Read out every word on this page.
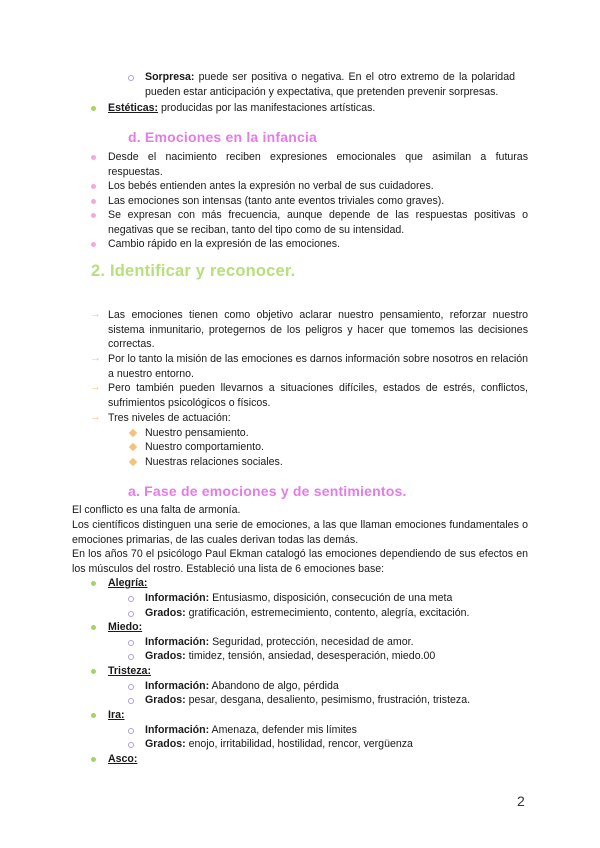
Sorpresa: puede ser positiva o negativa. En el otro extremo de la polaridad pueden estar anticipación y expectativa, que pretenden prevenir sorpresas.
Estéticas: producidas por las manifestaciones artísticas.
d. Emociones en la infancia
Desde el nacimiento reciben expresiones emocionales que asimilan a futuras respuestas.
Los bebés entienden antes la expresión no verbal de sus cuidadores.
Las emociones son intensas (tanto ante eventos triviales como graves).
Se expresan con más frecuencia, aunque depende de las respuestas positivas o negativas que se reciban, tanto del tipo como de su intensidad.
Cambio rápido en la expresión de las emociones.
2. Identificar y reconocer.
→ Las emociones tienen como objetivo aclarar nuestro pensamiento, reforzar nuestro sistema inmunitario, protegernos de los peligros y hacer que tomemos las decisiones correctas.
→ Por lo tanto la misión de las emociones es darnos información sobre nosotros en relación a nuestro entorno.
→ Pero también pueden llevarnos a situaciones difíciles, estados de estrés, conflictos, sufrimientos psicológicos o físicos.
→ Tres niveles de actuación:
Nuestro pensamiento.
Nuestro comportamiento.
Nuestras relaciones sociales.
a. Fase de emociones y de sentimientos.
El conflicto es una falta de armonía.
Los científicos distinguen una serie de emociones, a las que llaman emociones fundamentales o emociones primarias, de las cuales derivan todas las demás.
En los años 70 el psicólogo Paul Ekman catalogó las emociones dependiendo de sus efectos en los músculos del rostro. Estableció una lista de 6 emociones base:
Alegría:
Información: Entusiasmo, disposición, consecución de una meta
Grados: gratificación, estremecimiento, contento, alegría, excitación.
Miedo:
Información: Seguridad, protección, necesidad de amor.
Grados: timidez, tensión, ansiedad, desesperación, miedo.00
Tristeza:
Información: Abandono de algo, pérdida
Grados: pesar, desgana, desaliento, pesimismo, frustración, tristeza.
Ira:
Información: Amenaza, defender mis límites
Grados: enojo, irritabilidad, hostilidad, rencor, vergüenza
Asco:
2
